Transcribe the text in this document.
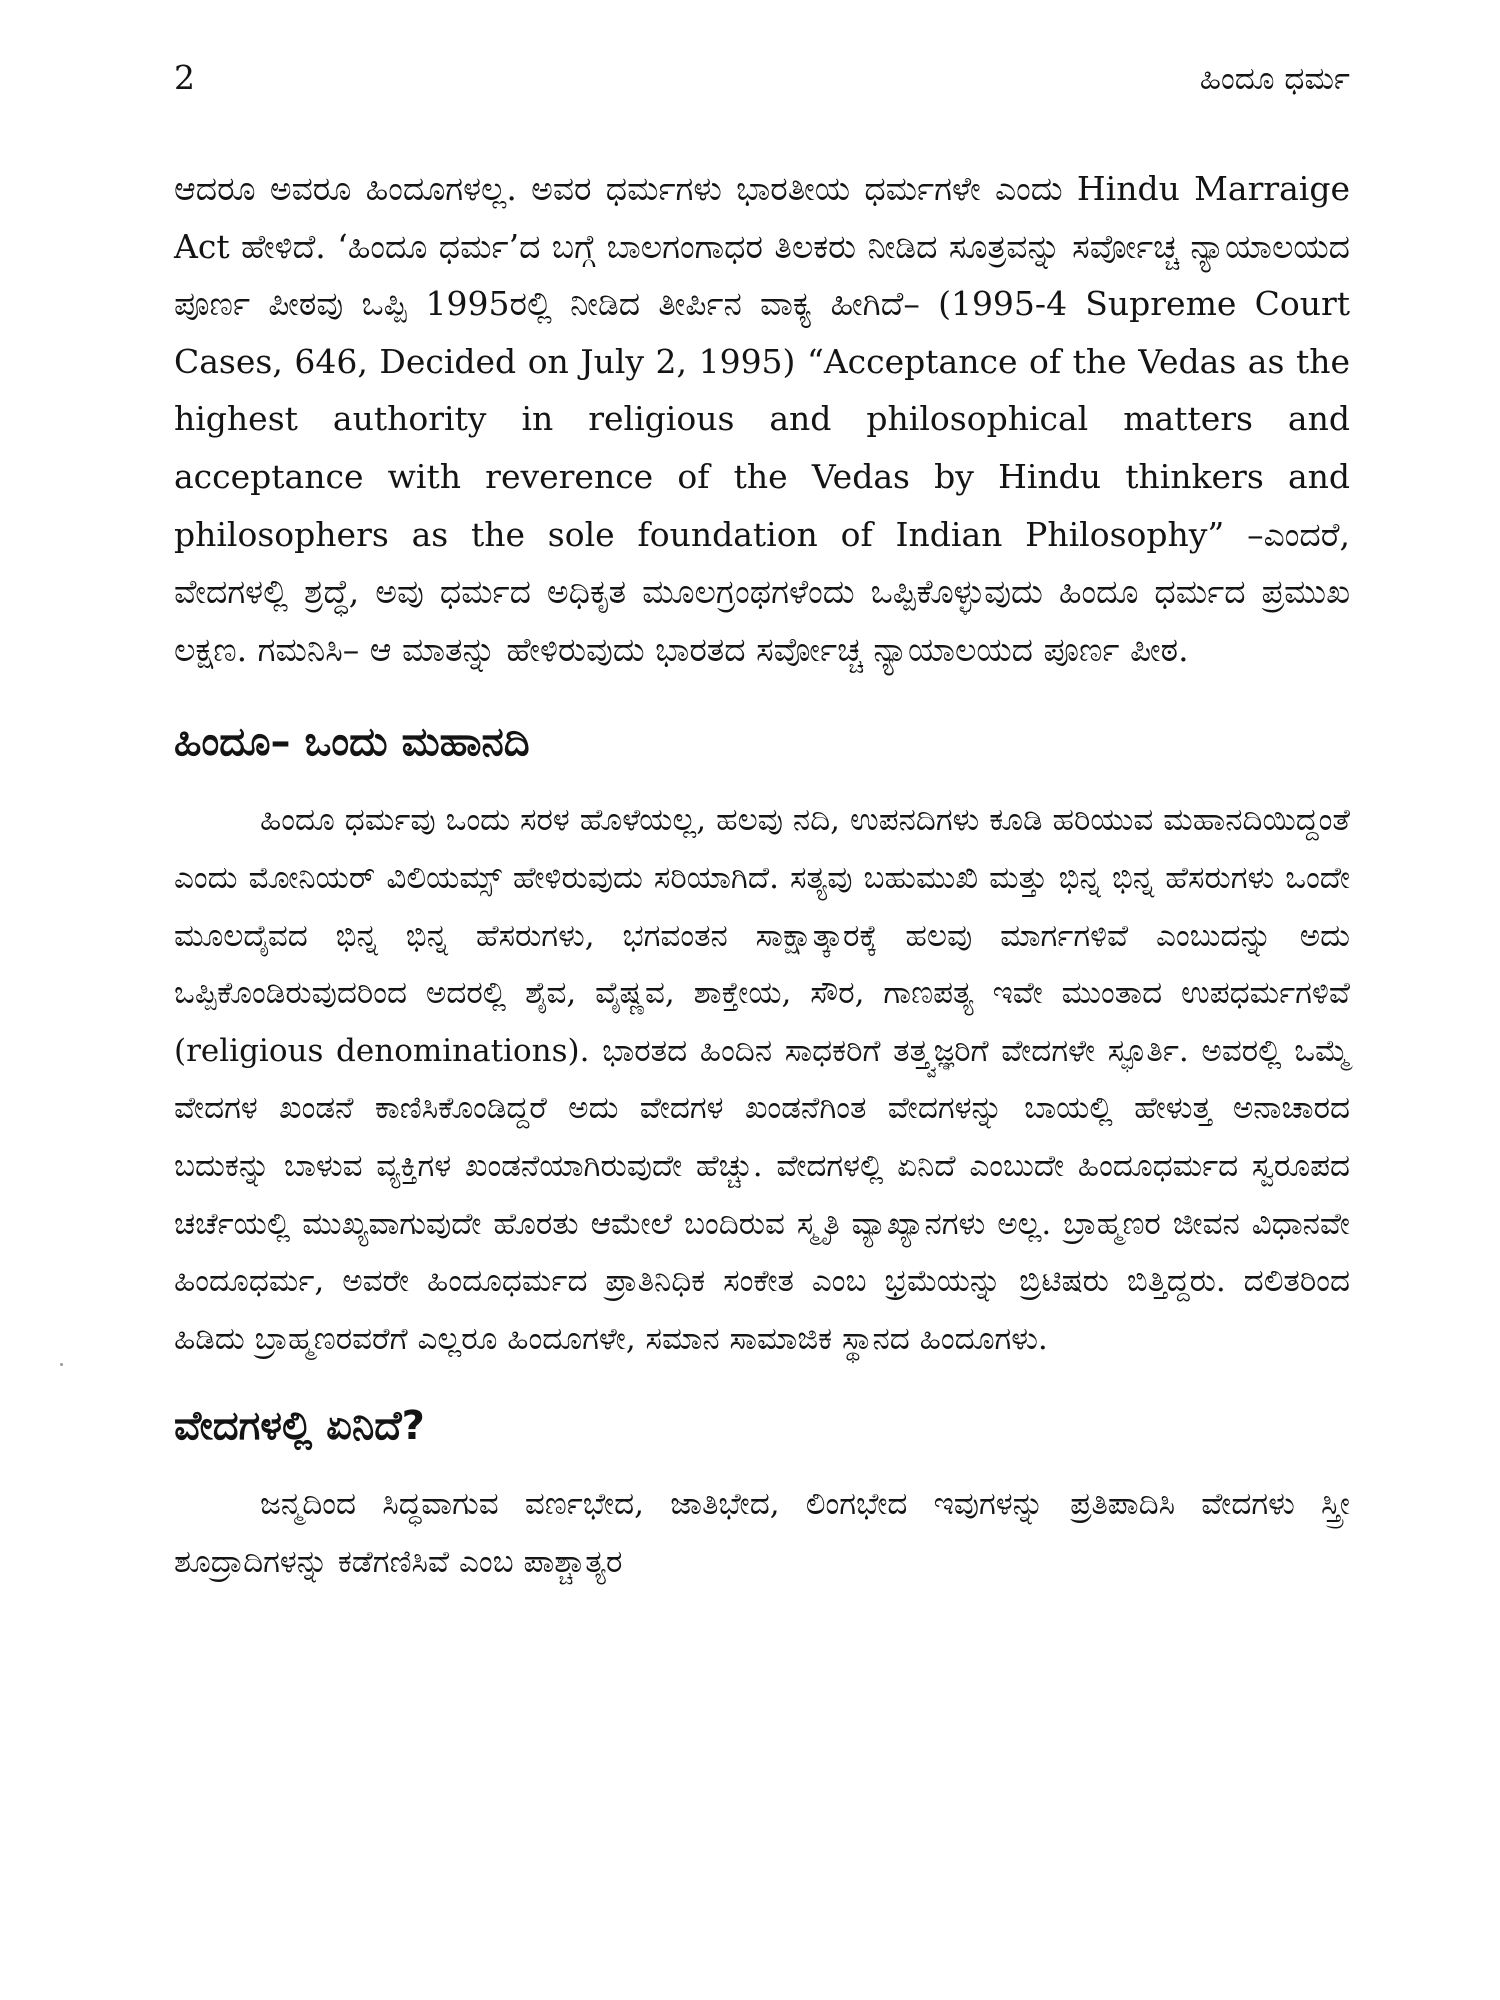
2	ಹಿಂದೂ ಧರ್ಮ

ಆದರೂ ಅವರೂ ಹಿಂದೂಗಳಲ್ಲ. ಅವರ ಧರ್ಮಗಳು ಭಾರತೀಯ ಧರ್ಮಗಳೇ ಎಂದು Hindu Marraige Act ಹೇಳಿದೆ. ‘ಹಿಂದೂ ಧರ್ಮ’ದ ಬಗ್ಗೆ ಬಾಲಗಂಗಾಧರ ತಿಲಕರು ನೀಡಿದ ಸೂತ್ರವನ್ನು ಸರ್ವೋಚ್ಚ ನ್ಯಾಯಾಲಯದ ಪೂರ್ಣ ಪೀಠವು ಒಪ್ಪಿ 1995ರಲ್ಲಿ ನೀಡಿದ ತೀರ್ಪಿನ ವಾಕ್ಯ ಹೀಗಿದೆ– (1995-4 Supreme Court Cases, 646, Decided on July 2, 1995) “Acceptance of the Vedas as the highest authority in religious and philosophical matters and acceptance with reverence of the Vedas by Hindu thinkers and philosophers as the sole foundation of Indian Philosophy” –ಎಂದರೆ, ವೇದಗಳಲ್ಲಿ ಶ್ರದ್ಧೆ, ಅವು ಧರ್ಮದ ಅಧಿಕೃತ ಮೂಲಗ್ರಂಥಗಳೆಂದು ಒಪ್ಪಿಕೊಳ್ಳುವುದು ಹಿಂದೂ ಧರ್ಮದ ಪ್ರಮುಖ ಲಕ್ಷಣ. ಗಮನಿಸಿ– ಆ ಮಾತನ್ನು ಹೇಳಿರುವುದು ಭಾರತದ ಸರ್ವೋಚ್ಚ ನ್ಯಾಯಾಲಯದ ಪೂರ್ಣ ಪೀಠ.

ಹಿಂದೂ– ಒಂದು ಮಹಾನದಿ

ಹಿಂದೂ ಧರ್ಮವು ಒಂದು ಸರಳ ಹೊಳೆಯಲ್ಲ, ಹಲವು ನದಿ, ಉಪನದಿಗಳು ಕೂಡಿ ಹರಿಯುವ ಮಹಾನದಿಯಿದ್ದಂತೆ ಎಂದು ಮೋನಿಯರ್ ವಿಲಿಯಮ್ಸ್ ಹೇಳಿರುವುದು ಸರಿಯಾಗಿದೆ. ಸತ್ಯವು ಬಹುಮುಖಿ ಮತ್ತು ಭಿನ್ನ ಭಿನ್ನ ಹೆಸರುಗಳು ಒಂದೇ ಮೂಲದೈವದ ಭಿನ್ನ ಭಿನ್ನ ಹೆಸರುಗಳು, ಭಗವಂತನ ಸಾಕ್ಷಾತ್ಕಾರಕ್ಕೆ ಹಲವು ಮಾರ್ಗಗಳಿವೆ ಎಂಬುದನ್ನು ಅದು ಒಪ್ಪಿಕೊಂಡಿರುವುದರಿಂದ ಅದರಲ್ಲಿ ಶೈವ, ವೈಷ್ಣವ, ಶಾಕ್ತೇಯ, ಸೌರ, ಗಾಣಪತ್ಯ ಇವೇ ಮುಂತಾದ ಉಪಧರ್ಮಗಳಿವೆ (religious denominations). ಭಾರತದ ಹಿಂದಿನ ಸಾಧಕರಿಗೆ ತತ್ತ್ವಜ್ಞರಿಗೆ ವೇದಗಳೇ ಸ್ಫೂರ್ತಿ. ಅವರಲ್ಲಿ ಒಮ್ಮೆ ವೇದಗಳ ಖಂಡನೆ ಕಾಣಿಸಿಕೊಂಡಿದ್ದರೆ ಅದು ವೇದಗಳ ಖಂಡನೆಗಿಂತ ವೇದಗಳನ್ನು ಬಾಯಲ್ಲಿ ಹೇಳುತ್ತ ಅನಾಚಾರದ ಬದುಕನ್ನು ಬಾಳುವ ವ್ಯಕ್ತಿಗಳ ಖಂಡನೆಯಾಗಿರುವುದೇ ಹೆಚ್ಚು. ವೇದಗಳಲ್ಲಿ ಏನಿದೆ ಎಂಬುದೇ ಹಿಂದೂಧರ್ಮದ ಸ್ವರೂಪದ ಚರ್ಚೆಯಲ್ಲಿ ಮುಖ್ಯವಾಗುವುದೇ ಹೊರತು ಆಮೇಲೆ ಬಂದಿರುವ ಸ್ಮೃತಿ ವ್ಯಾಖ್ಯಾನಗಳು ಅಲ್ಲ. ಬ್ರಾಹ್ಮಣರ ಜೀವನ ವಿಧಾನವೇ ಹಿಂದೂಧರ್ಮ, ಅವರೇ ಹಿಂದೂಧರ್ಮದ ಪ್ರಾತಿನಿಧಿಕ ಸಂಕೇತ ಎಂಬ ಭ್ರಮೆಯನ್ನು ಬ್ರಿಟಿಷರು ಬಿತ್ತಿದ್ದರು. ದಲಿತರಿಂದ ಹಿಡಿದು ಬ್ರಾಹ್ಮಣರವರೆಗೆ ಎಲ್ಲರೂ ಹಿಂದೂಗಳೇ, ಸಮಾನ ಸಾಮಾಜಿಕ ಸ್ಥಾನದ ಹಿಂದೂಗಳು.

ವೇದಗಳಲ್ಲಿ ಏನಿದೆ?

ಜನ್ಮದಿಂದ ಸಿದ್ಧವಾಗುವ ವರ್ಣಭೇದ, ಜಾತಿಭೇದ, ಲಿಂಗಭೇದ ಇವುಗಳನ್ನು ಪ್ರತಿಪಾದಿಸಿ ವೇದಗಳು ಸ್ತ್ರೀ ಶೂದ್ರಾದಿಗಳನ್ನು ಕಡೆಗಣಿಸಿವೆ ಎಂಬ ಪಾಶ್ಚಾತ್ಯರ
